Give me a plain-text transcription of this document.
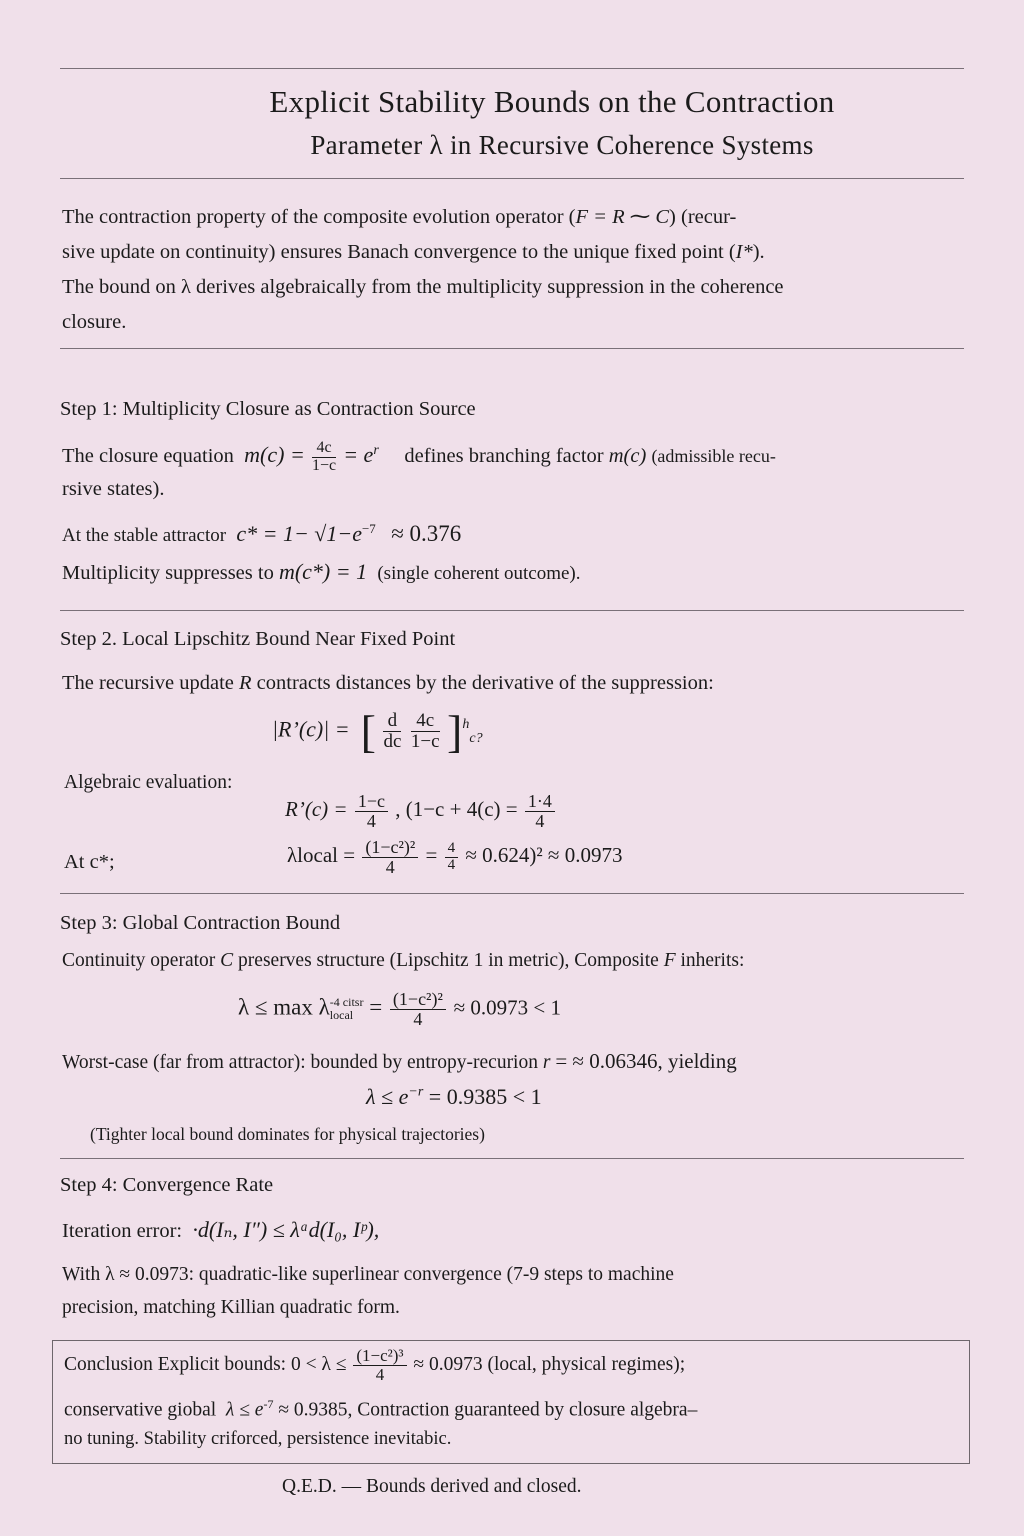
Explicit Stability Bounds on the Contraction
Parameter λ in Recursive Coherence Systems
The contraction property of the composite evolution operator (F = R ⁓ C) (recur-
sive update on continuity) ensures Banach convergence to the unique fixed point (I*).
The bound on λ derives algebraically from the multiplicity suppression in the coherence
closure.
Step 1: Multiplicity Closure as Contraction Source
The closure equation $m(c) = \frac{4c}{1-c} = e^r$ defines branching factor m(c) (admissible recu-
rsive states).
At the stable attractor $c* = 1- √1-e^{-7} \approx 0.376$
Multiplicity suppresses to m(c*) = 1 (single coherent outcome).
Step 2. Local Lipschitz Bound Near Fixed Point
The recursive update R contracts distances by the derivative of the suppression:
|R’(c)| = [ $\frac{d}{dc}$
$\frac{4c}{1-c} ]^h_{c?}$
Algebraic evaluation:
R’(c) = $\frac{1-c}{4}$ , ($1-c + 4(c) = \frac{1\cdot 4}{4}$
At c*;	λlocal = $\frac{\text{(1−c²)²}}{4} = \frac{4}{4} \approx 0.624)^2 \approx 0.0973$
Step 3: Global Contraction Bound
Continuity operator C preserves structure (Lipschitz 1 in metric), Composite F inherits:
λ ≤ max λ -4 citsr
local = $\frac{\text{(1−c²)²}}{4} \approx 0.0973 < 1$
Worst-case (far from attractor): bounded by entropy-recurion r = ≈ 0.06346, yielding
$\lambda \le e^{-r} = 0.9385 < 1$
(Tighter local bound dominates for physical trajectories)
Step 4: Convergence Rate
Iteration error: ·d(Iₙ, I″) ≤ λᵃd(I₀, Iᵖ),
With λ ≈ 0.0973: quadratic-like superlinear convergence (7-9 steps to machine
precision, matching Killian quadratic form.
Conclusion Explicit bounds: $0 < \lambda \le \frac{\text{(1−c²)³}}{4} \approx 0.0973$ (local, physical regimes);
conservative giobal $\lambda \le e^{-7} \approx 0.9385$, Contraction guaranteed by closure algebra–
no tuning. Stability criforced, persistence inevitabic.
Q.E.D. — Bounds derived and closed.
